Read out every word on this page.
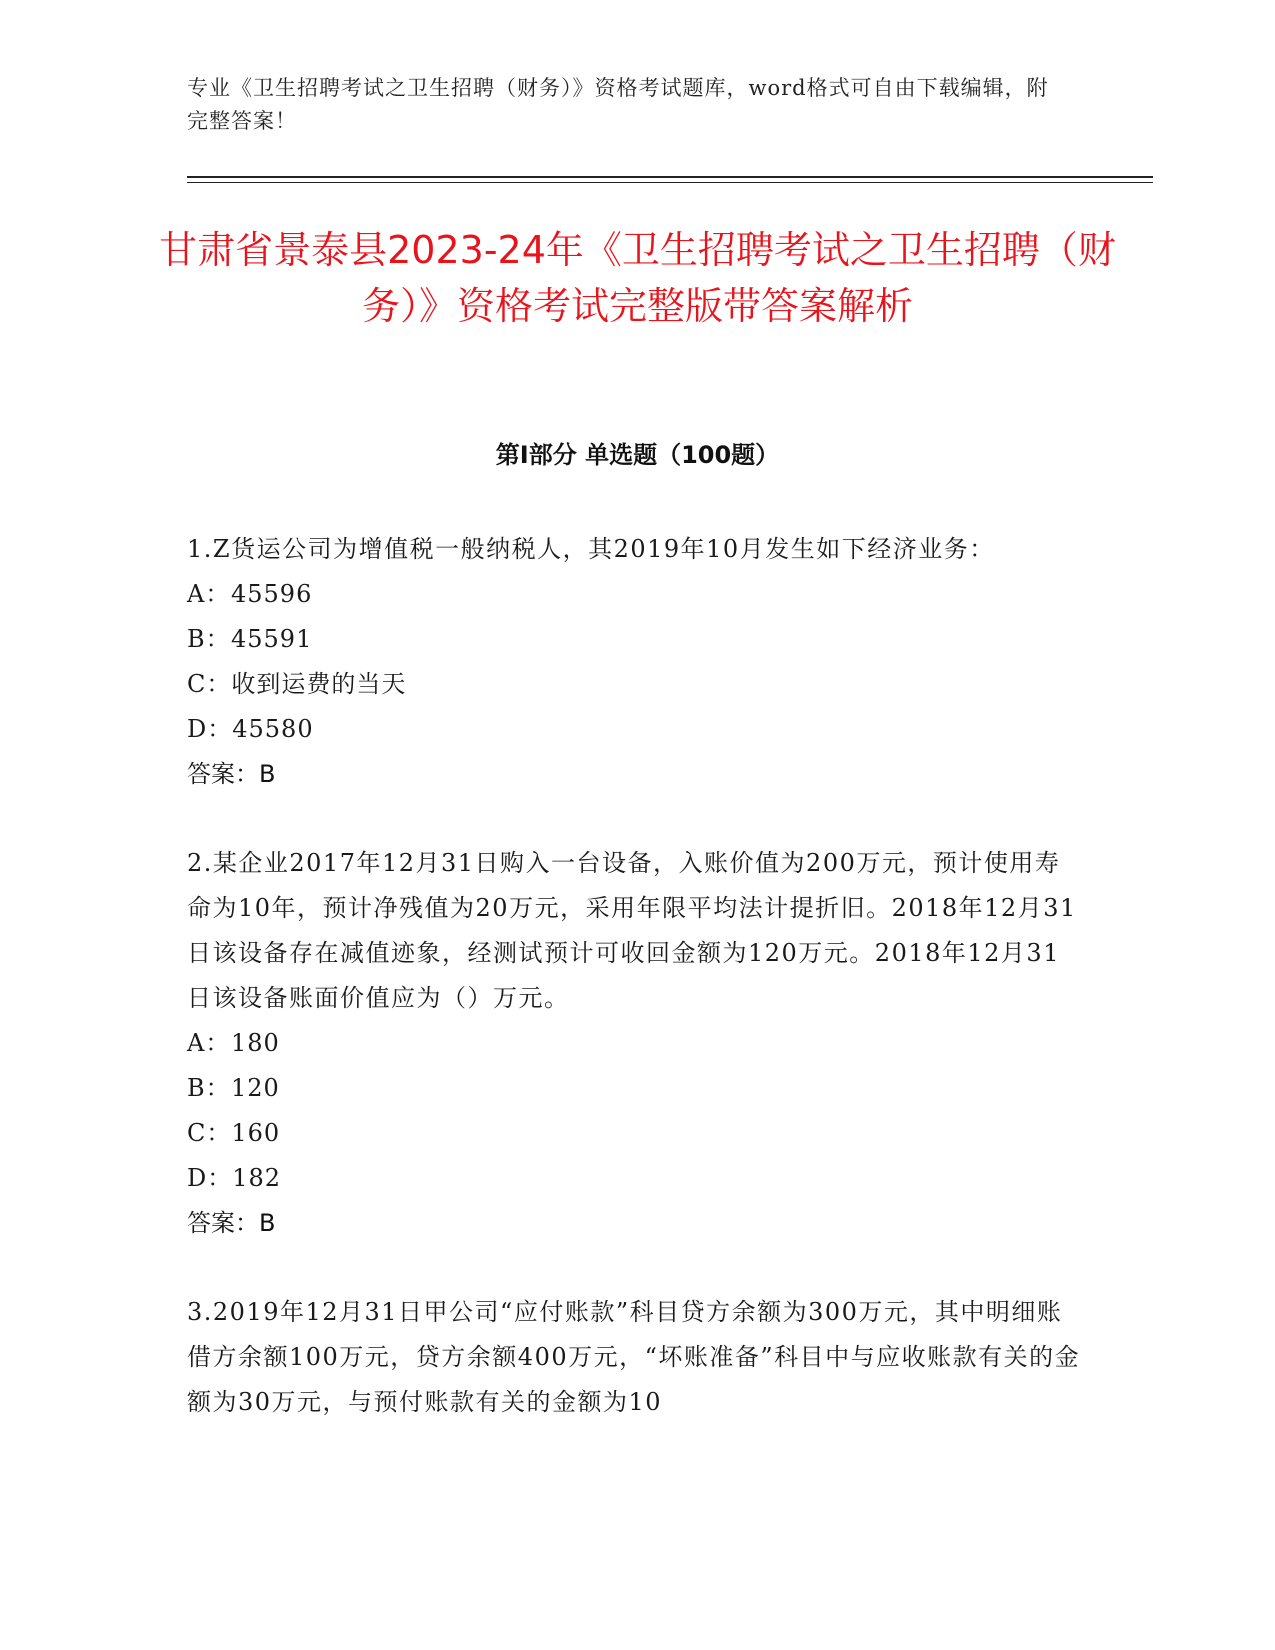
专业《卫生招聘考试之卫生招聘（财务）》资格考试题库，word格式可自由下载编辑，附完整答案！
甘肃省景泰县2023-24年《卫生招聘考试之卫生招聘（财务）》资格考试完整版带答案解析
第Ⅰ部分 单选题（100题）

1.Z货运公司为增值税一般纳税人，其2019年10月发生如下经济业务：

A：45596

B：45591

C：收到运费的当天

D：45580

答案：B

2.某企业2017年12月31日购入一台设备，入账价值为200万元，预计使用寿命为10年，预计净残值为20万元，采用年限平均法计提折旧。2018年12月31日该设备存在减值迹象，经测试预计可收回金额为120万元。2018年12月31日该设备账面价值应为（）万元。

A：180

B：120

C：160

D：182

答案：B

3.2019年12月31日甲公司“应付账款”科目贷方余额为300万元，其中明细账借方余额100万元，贷方余额400万元，“坏账准备”科目中与应收账款有关的金额为30万元，与预付账款有关的金额为10
